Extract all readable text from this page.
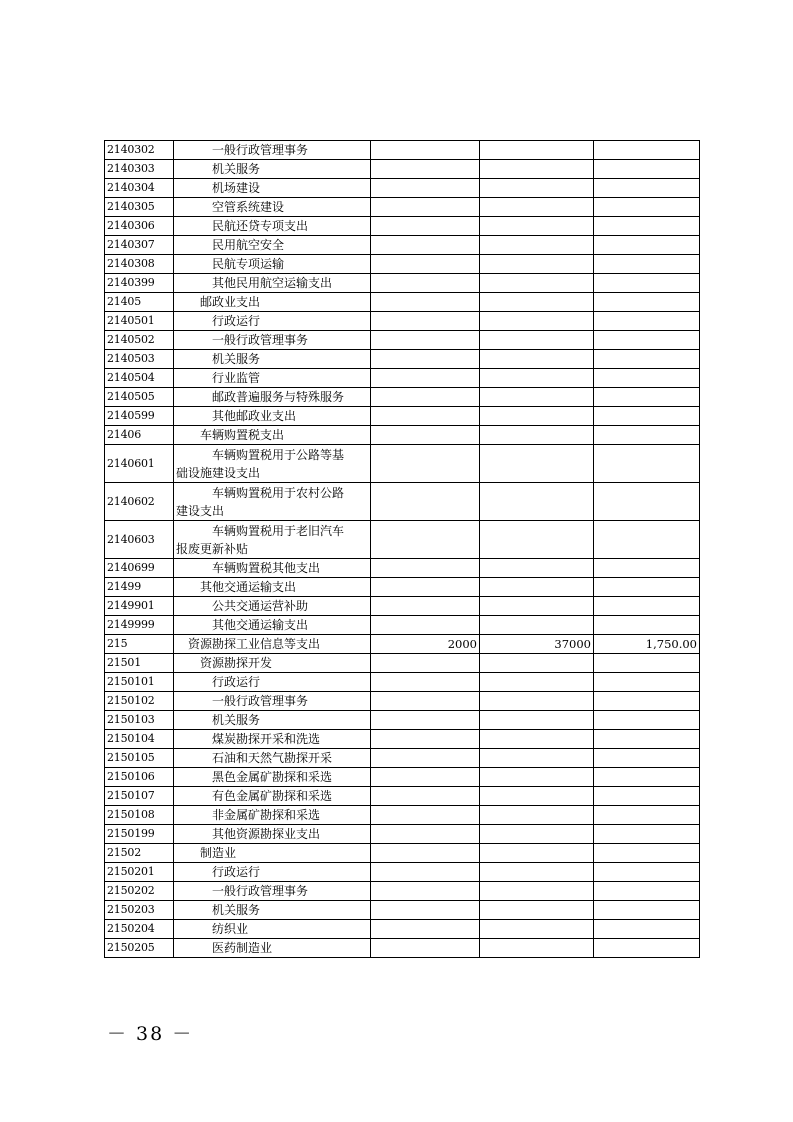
2140302	一般行政管理事务			
2140303	机关服务			
2140304	机场建设			
2140305	空管系统建设			
2140306	民航还贷专项支出			
2140307	民用航空安全			
2140308	民航专项运输			
2140399	其他民用航空运输支出			
21405	邮政业支出			
2140501	行政运行			
2140502	一般行政管理事务			
2140503	机关服务			
2140504	行业监管			
2140505	邮政普遍服务与特殊服务			
2140599	其他邮政业支出			
21406	车辆购置税支出			
2140601	车辆购置税用于公路等基
础设施建设支出			
2140602	车辆购置税用于农村公路
建设支出			
2140603	车辆购置税用于老旧汽车
报废更新补贴			
2140699	车辆购置税其他支出			
21499	其他交通运输支出			
2149901	公共交通运营补助			
2149999	其他交通运输支出			
215	资源勘探工业信息等支出	2000	37000	1,750.00
21501	资源勘探开发			
2150101	行政运行			
2150102	一般行政管理事务			
2150103	机关服务			
2150104	煤炭勘探开采和洗选			
2150105	石油和天然气勘探开采			
2150106	黑色金属矿勘探和采选			
2150107	有色金属矿勘探和采选			
2150108	非金属矿勘探和采选			
2150199	其他资源勘探业支出			
21502	制造业			
2150201	行政运行			
2150202	一般行政管理事务			
2150203	机关服务			
2150204	纺织业			
2150205	医药制造业			
－ 38 －
